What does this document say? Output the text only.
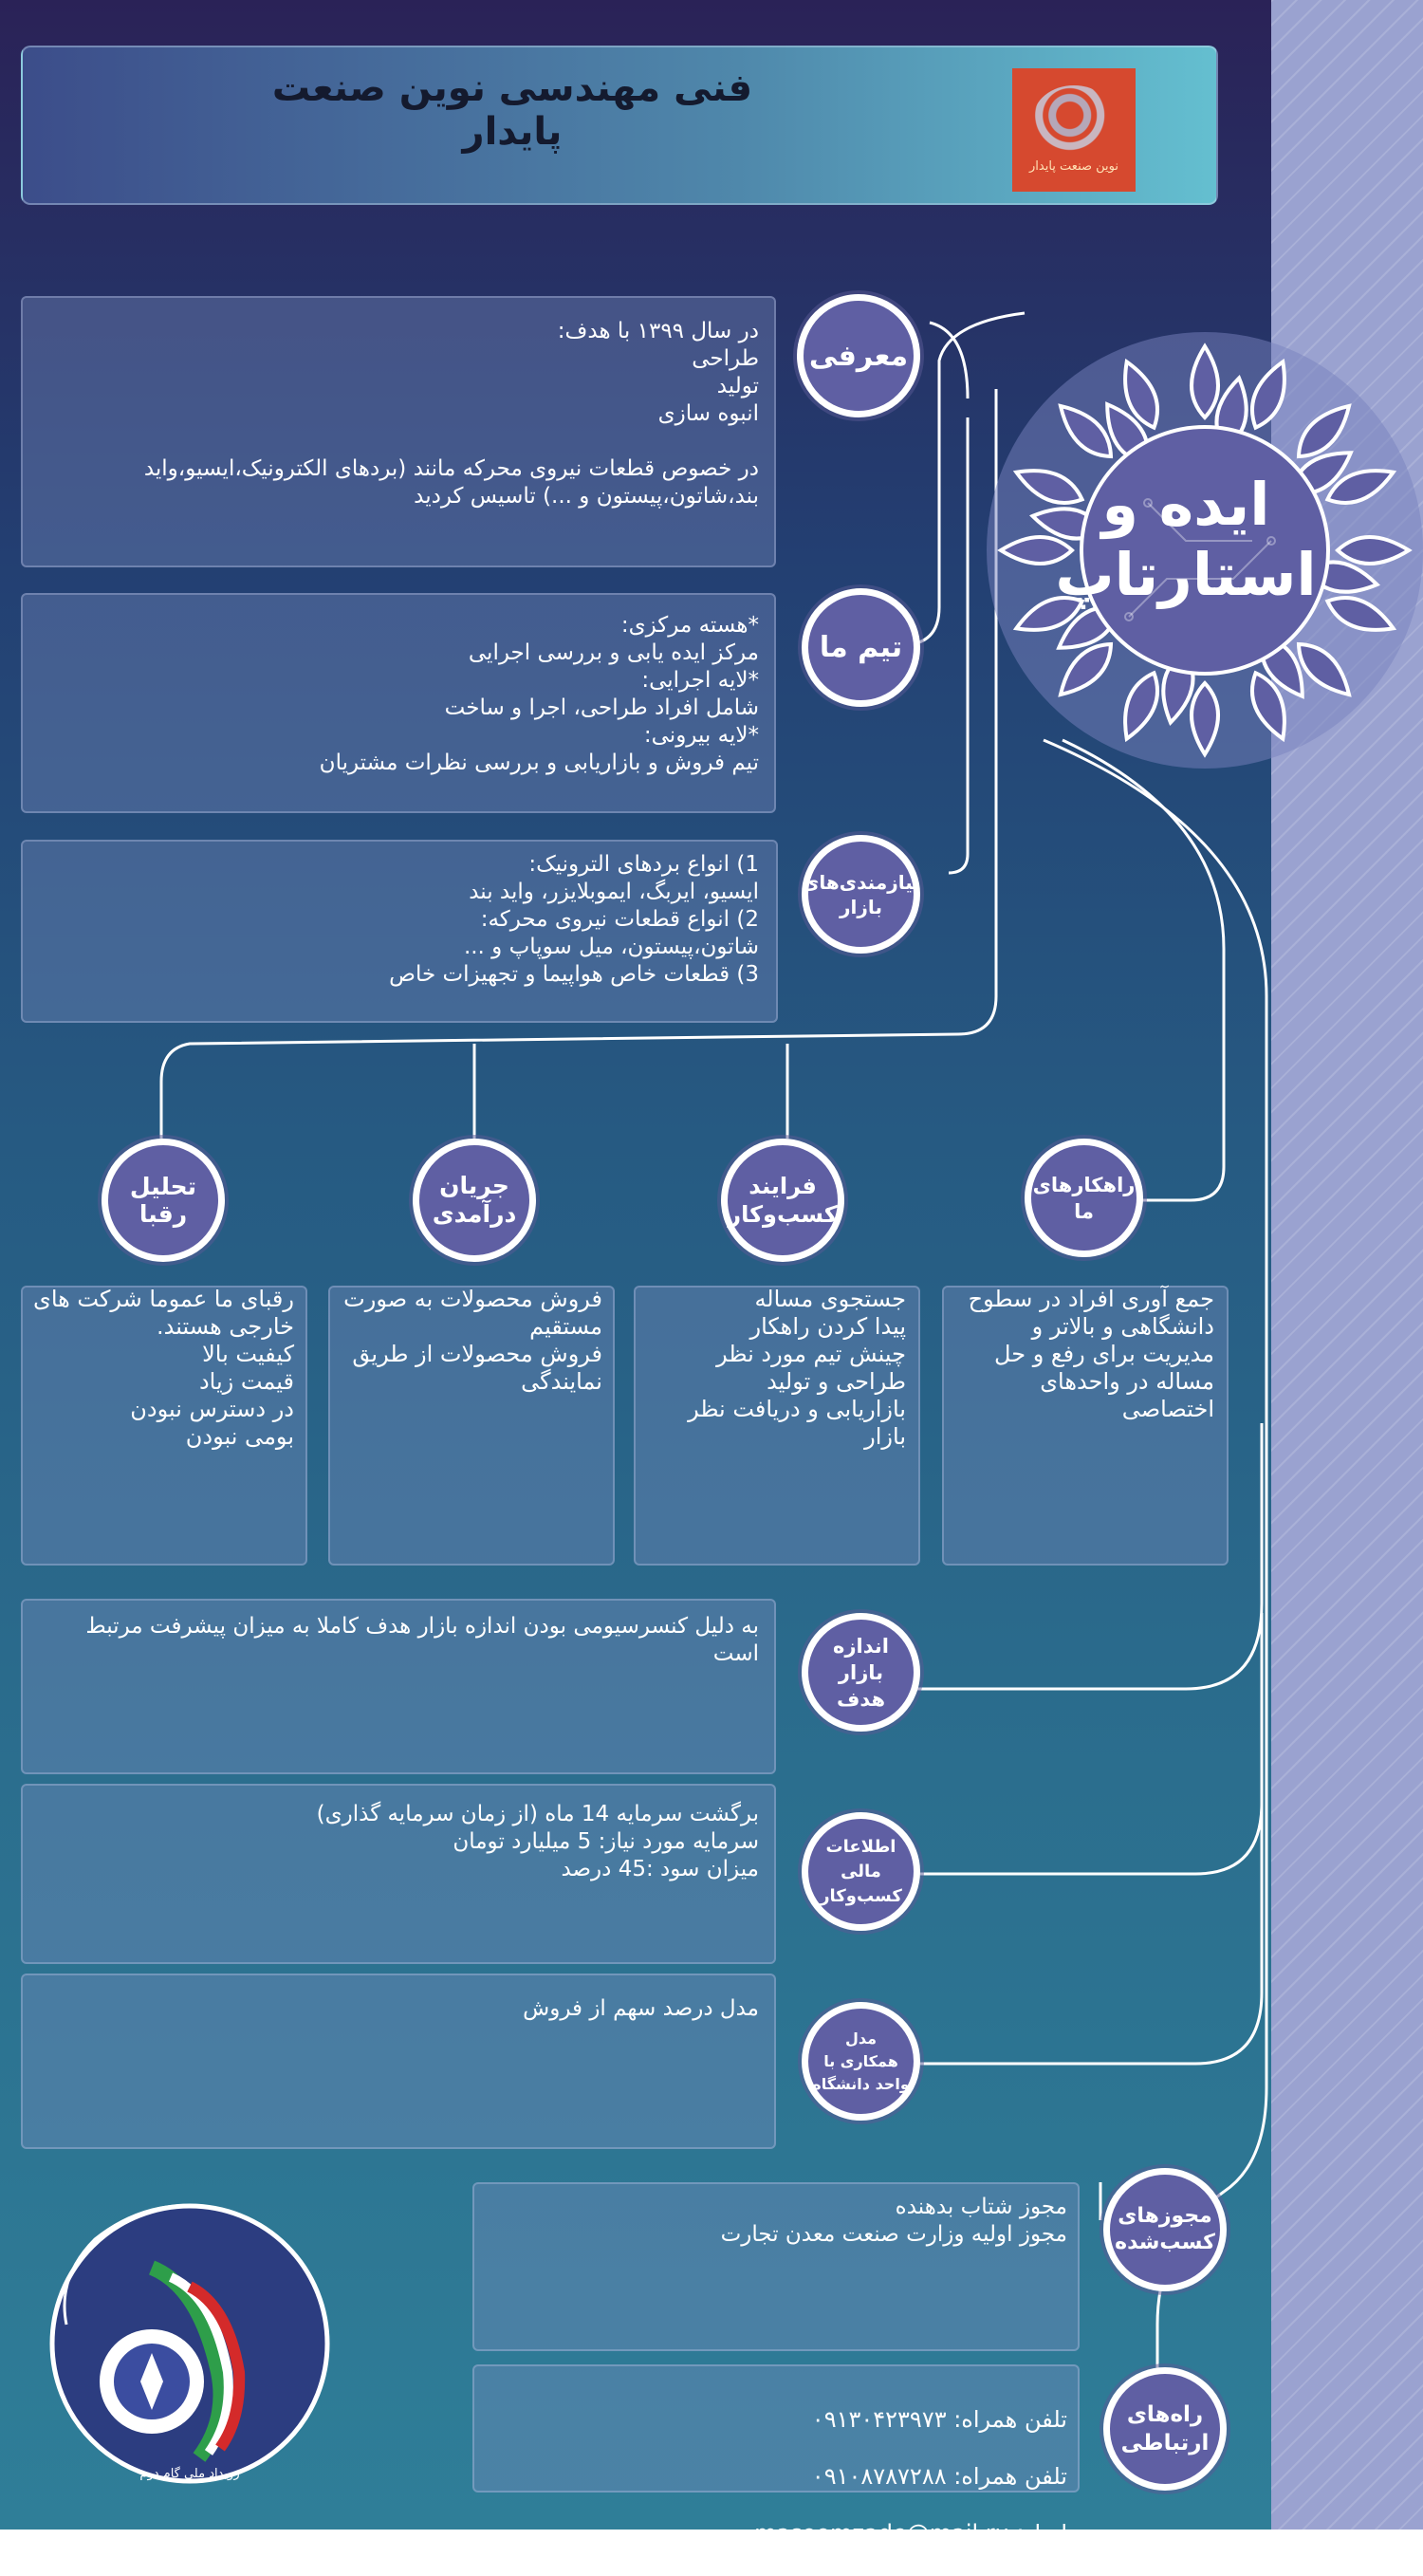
فنی مهندسی نوین صنعت پایدار
نوین صنعت پایدار
ایده و
استارتاپ
در سال ۱۳۹۹ با هدف:
طراحی
تولید
انبوه سازی

در خصوص قطعات نیروی محرکه مانند (بردهای الکترونیک،ایسیو،واید بند،شاتون،پیستون و ...) تاسیس کردید
معرفی
*هسته مرکزی:
مرکز ایده یابی و بررسی اجرایی
*لایه اجرایی:
شامل افراد طراحی، اجرا و ساخت
*لایه بیرونی:
تیم فروش و بازاریابی و بررسی نظرات مشتریان
تیم ما
1) انواع بردهای الترونیک:
ایسیو، ایربگ، ایموبلایزر، واید بند
2) انواع قطعات نیروی محرکه:
شاتون،پیستون، میل سوپاپ و ...
3) قطعات خاص هواپیما و تجهیزات خاص
نیازمندی‌های
بازار
راهکارهای
ما
فرایند
کسب‌وکار
جریان
درآمدی
تحلیل رقبا
جمع آوری افراد در سطوح دانشگاهی و بالاتر و مدیریت برای رفع و حل مساله در واحدهای اختصاصی
جستجوی مساله
پیدا کردن راهکار
چینش تیم مورد نظر
طراحی و تولید
بازاریابی و دریافت نظر بازار
فروش محصولات به صورت مستقیم
فروش محصولات از طریق نمایندگی
رقبای ما عموما شرکت های خارجی هستند.
کیفیت بالا
قیمت زیاد
در دسترس نبودن
بومی نبودن
به دلیل کنسرسیومی بودن اندازه بازار هدف کاملا به میزان پیشرفت مرتبط است	اندازه بازار
هدف
برگشت سرمایه 14 ماه (از زمان سرمایه گذاری)
سرمایه مورد نیاز: 5 میلیارد تومان
میزان سود :45 درصد
اطلاعات مالی
کسب‌وکار
مدل درصد سهم از فروش
مدل
همکاری با
واحد دانشگاه
مجوز شتاب بدهنده
مجوز اولیه وزارت صنعت معدن تجارت
مجوزهای
کسب‌شده

تلفن همراه: ۰۹۱۳۰۴۲۳۹۷۳

تلفن همراه: ۰۹۱۰۸۷۸۷۲۸۸

ایمل: masoomzade@mail.ru

راه‌های
ارتباطی
رویداد ملی گام دوم
